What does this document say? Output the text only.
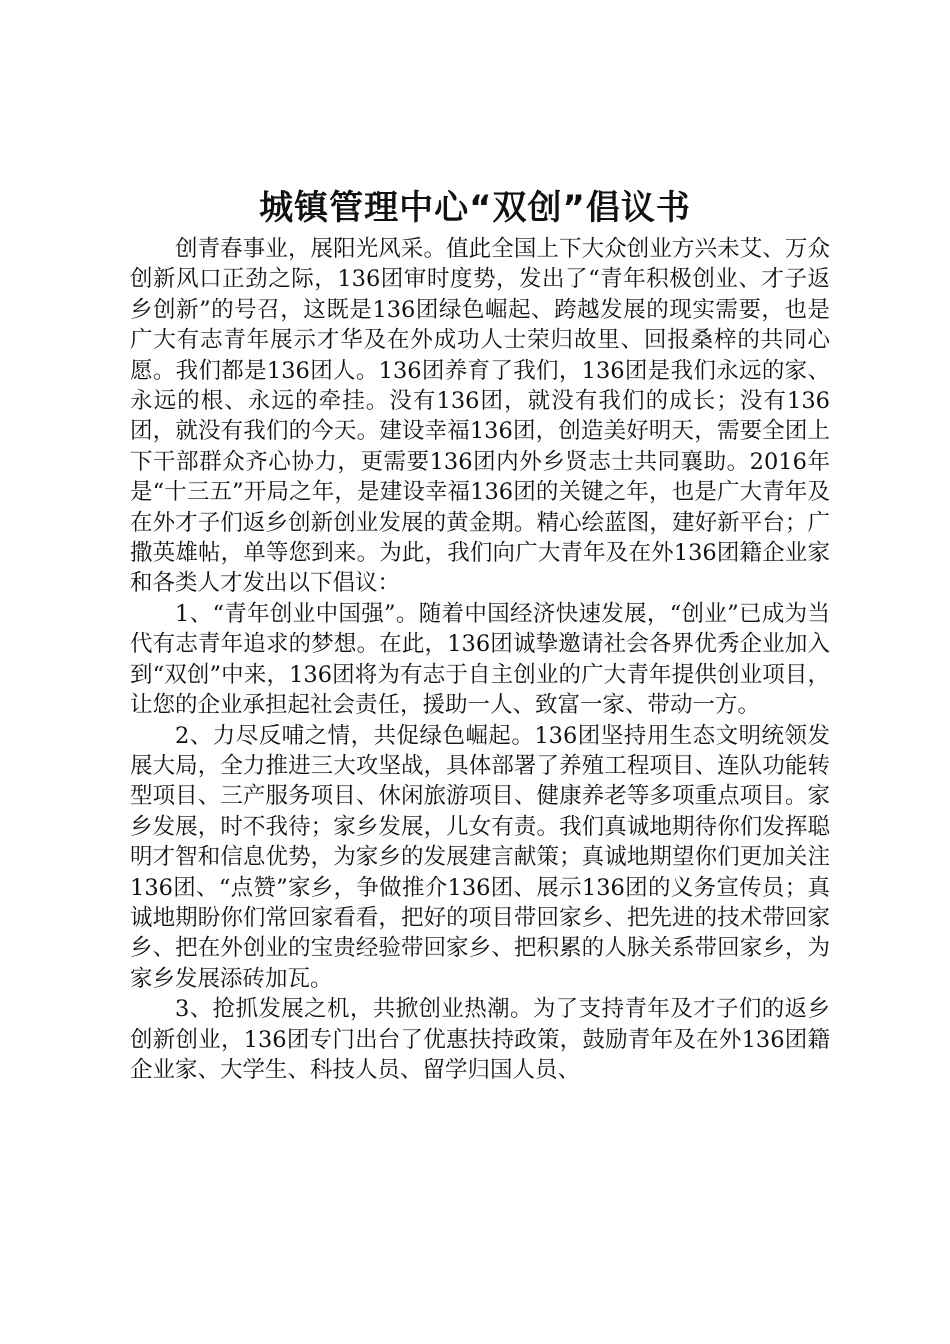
城镇管理中心“双创”倡议书

创青春事业，展阳光风采。值此全国上下大众创业方兴未艾、万众创新风口正劲之际，136团审时度势，发出了“青年积极创业、才子返乡创新”的号召，这既是136团绿色崛起、跨越发展的现实需要，也是广大有志青年展示才华及在外成功人士荣归故里、回报桑梓的共同心愿。我们都是136团人。136团养育了我们，136团是我们永远的家、永远的根、永远的牵挂。没有136团，就没有我们的成长；没有136团，就没有我们的今天。建设幸福136团，创造美好明天，需要全团上下干部群众齐心协力，更需要136团内外乡贤志士共同襄助。2016年是“十三五”开局之年，是建设幸福136团的关键之年，也是广大青年及在外才子们返乡创新创业发展的黄金期。精心绘蓝图，建好新平台；广撒英雄帖，单等您到来。为此，我们向广大青年及在外136团籍企业家和各类人才发出以下倡议：

1、“青年创业中国强”。随着中国经济快速发展，“创业”已成为当代有志青年追求的梦想。在此，136团诚挚邀请社会各界优秀企业加入到“双创”中来，136团将为有志于自主创业的广大青年提供创业项目，让您的企业承担起社会责任，援助一人、致富一家、带动一方。

2、力尽反哺之情，共促绿色崛起。136团坚持用生态文明统领发展大局，全力推进三大攻坚战，具体部署了养殖工程项目、连队功能转型项目、三产服务项目、休闲旅游项目、健康养老等多项重点项目。家乡发展，时不我待；家乡发展，儿女有责。我们真诚地期待你们发挥聪明才智和信息优势，为家乡的发展建言献策；真诚地期望你们更加关注136团、“点赞”家乡，争做推介136团、展示136团的义务宣传员；真诚地期盼你们常回家看看，把好的项目带回家乡、把先进的技术带回家乡、把在外创业的宝贵经验带回家乡、把积累的人脉关系带回家乡，为家乡发展添砖加瓦。

3、抢抓发展之机，共掀创业热潮。为了支持青年及才子们的返乡创新创业，136团专门出台了优惠扶持政策，鼓励青年及在外136团籍企业家、大学生、科技人员、留学归国人员、
